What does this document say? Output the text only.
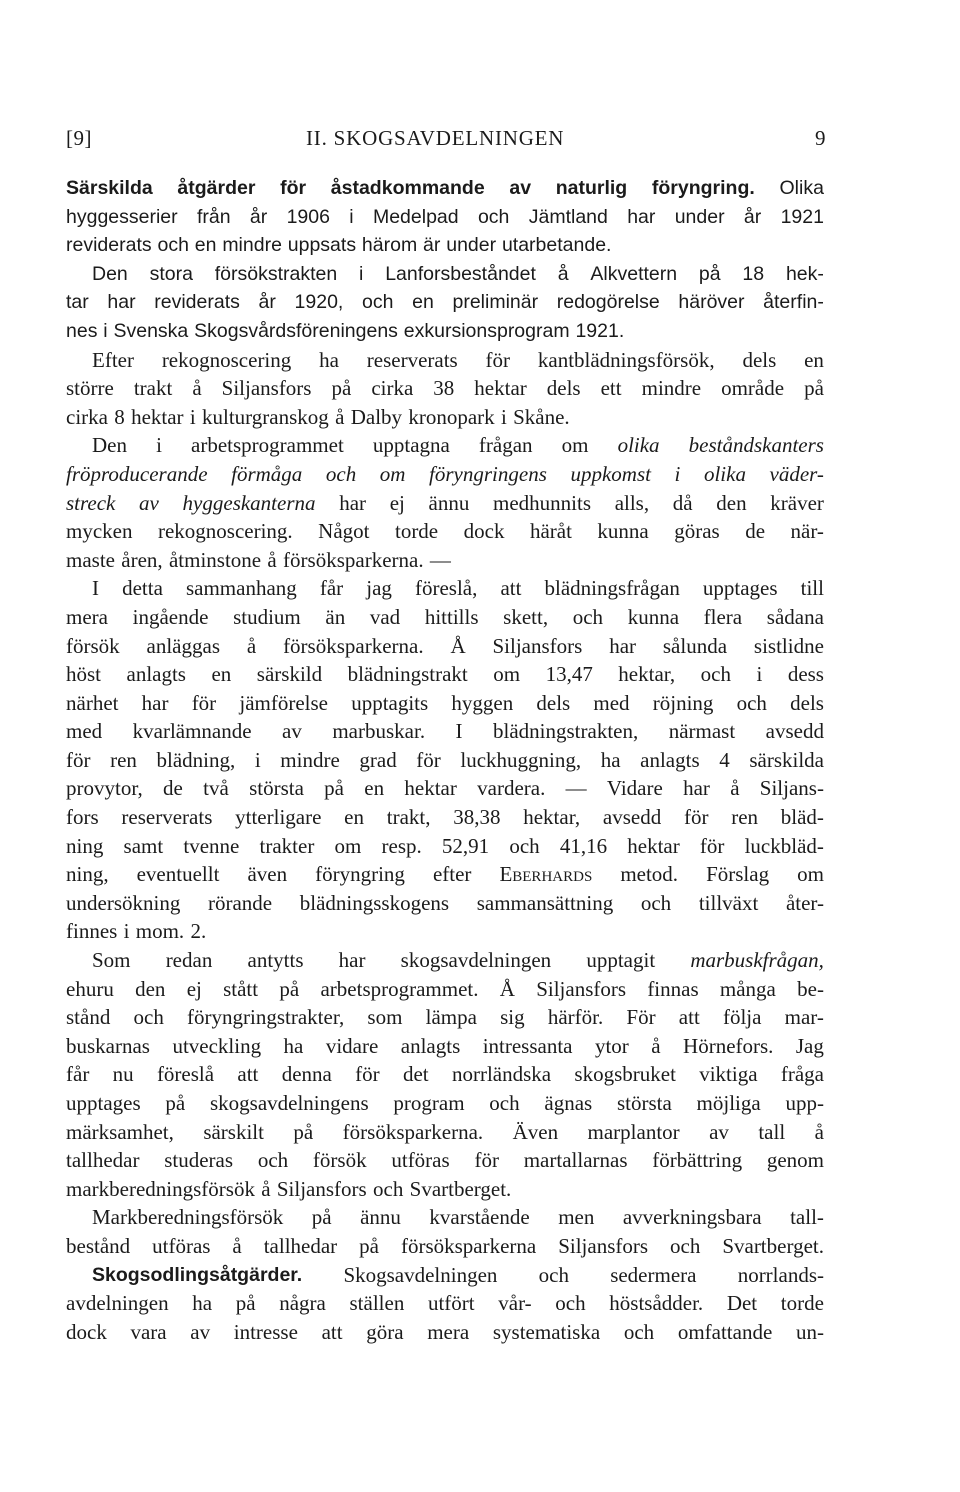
[9]	II. SKOGSAVDELNINGEN	9
Särskilda åtgärder för åstadkommande av naturlig föryngring. Olika
hyggesserier från år 1906 i Medelpad och Jämtland har under år 1921
reviderats och en mindre uppsats härom är under utarbetande.
Den stora försökstrakten i Lanforsbeståndet å Alkvettern på 18 hek-
tar har reviderats år 1920, och en preliminär redogörelse häröver återfin-
nes i Svenska Skogsvårdsföreningens exkursionsprogram 1921.
Efter rekognoscering ha reserverats för kantblädningsförsök, dels en
större trakt å Siljansfors på cirka 38 hektar dels ett mindre område på
cirka 8 hektar i kulturgranskog å Dalby kronopark i Skåne.
Den i arbetsprogrammet upptagna frågan om olika beståndskanters
fröproducerande förmåga och om föryngringens uppkomst i olika väder-
streck av hyggeskanterna har ej ännu medhunnits alls, då den kräver
mycken rekognoscering. Något torde dock häråt kunna göras de när-
maste åren, åtminstone å försöksparkerna. —
I detta sammanhang får jag föreslå, att blädningsfrågan upptages till
mera ingående studium än vad hittills skett, och kunna flera sådana
försök anläggas å försöksparkerna. Å Siljansfors har sålunda sistlidne
höst anlagts en särskild blädningstrakt om 13,47 hektar, och i dess
närhet har för jämförelse upptagits hyggen dels med röjning och dels
med kvarlämnande av marbuskar. I blädningstrakten, närmast avsedd
för ren blädning, i mindre grad för luckhuggning, ha anlagts 4 särskilda
provytor, de två största på en hektar vardera. — Vidare har å Siljans-
fors reserverats ytterligare en trakt, 38,38 hektar, avsedd för ren bläd-
ning samt tvenne trakter om resp. 52,91 och 41,16 hektar för luckbläd-
ning, eventuellt även föryngring efter Eberhards metod. Förslag om
undersökning rörande blädningsskogens sammansättning och tillväxt åter-
finnes i mom. 2.
Som redan antytts har skogsavdelningen upptagit marbuskfrågan,
ehuru den ej stått på arbetsprogrammet. Å Siljansfors finnas många be-
stånd och föryngringstrakter, som lämpa sig härför. För att följa mar-
buskarnas utveckling ha vidare anlagts intressanta ytor å Hörnefors. Jag
får nu föreslå att denna för det norrländska skogsbruket viktiga fråga
upptages på skogsavdelningens program och ägnas största möjliga upp-
märksamhet, särskilt på försöksparkerna. Även marplantor av tall å
tallhedar studeras och försök utföras för martallarnas förbättring genom
markberedningsförsök å Siljansfors och Svartberget.
Markberedningsförsök på ännu kvarstående men avverkningsbara tall-
bestånd utföras å tallhedar på försöksparkerna Siljansfors och Svartberget.
Skogsodlingsåtgärder. Skogsavdelningen och sedermera norrlands-
avdelningen ha på några ställen utfört vår- och höstsådder. Det torde
dock vara av intresse att göra mera systematiska och omfattande un-
